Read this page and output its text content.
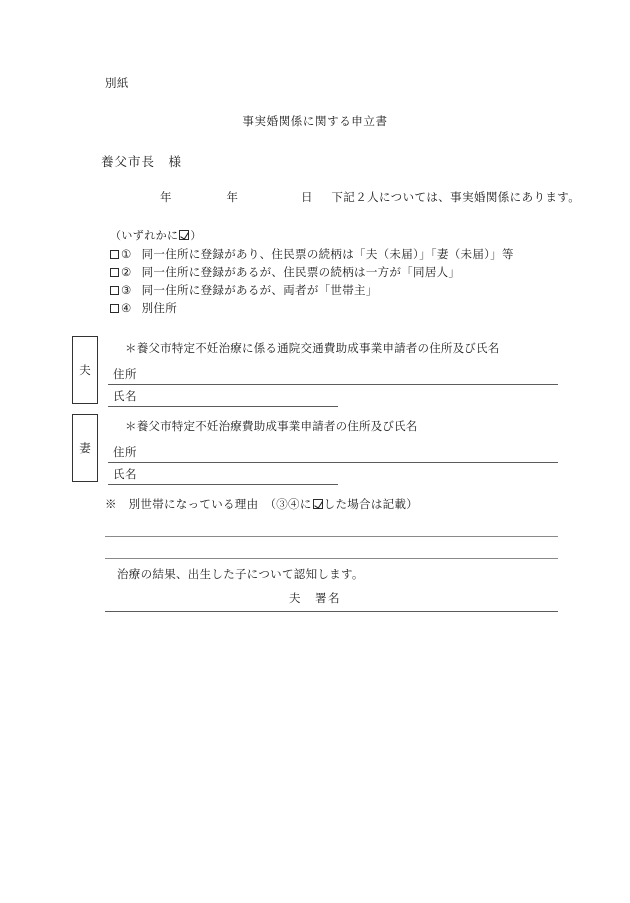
別紙
事実婚関係に関する申立書
養父市長　様
年	年	日 下記２人については、事実婚関係にあります。
（いずれかに ）
① 同一住所に登録があり、住民票の続柄は「夫（未届）」「妻（未届）」等
② 同一住所に登録があるが、住民票の続柄は一方が「同居人」
③ 同一住所に登録があるが、両者が「世帯主」
④ 別住所
夫
＊養父市特定不妊治療に係る通院交通費助成事業申請者の住所及び氏名
住所
氏名
妻
＊養父市特定不妊治療費助成事業申請者の住所及び氏名
住所
氏名
※　別世帯になっている理由　（③④に した場合は記載）
治療の結果、出生した子について認知します。
夫　署名
